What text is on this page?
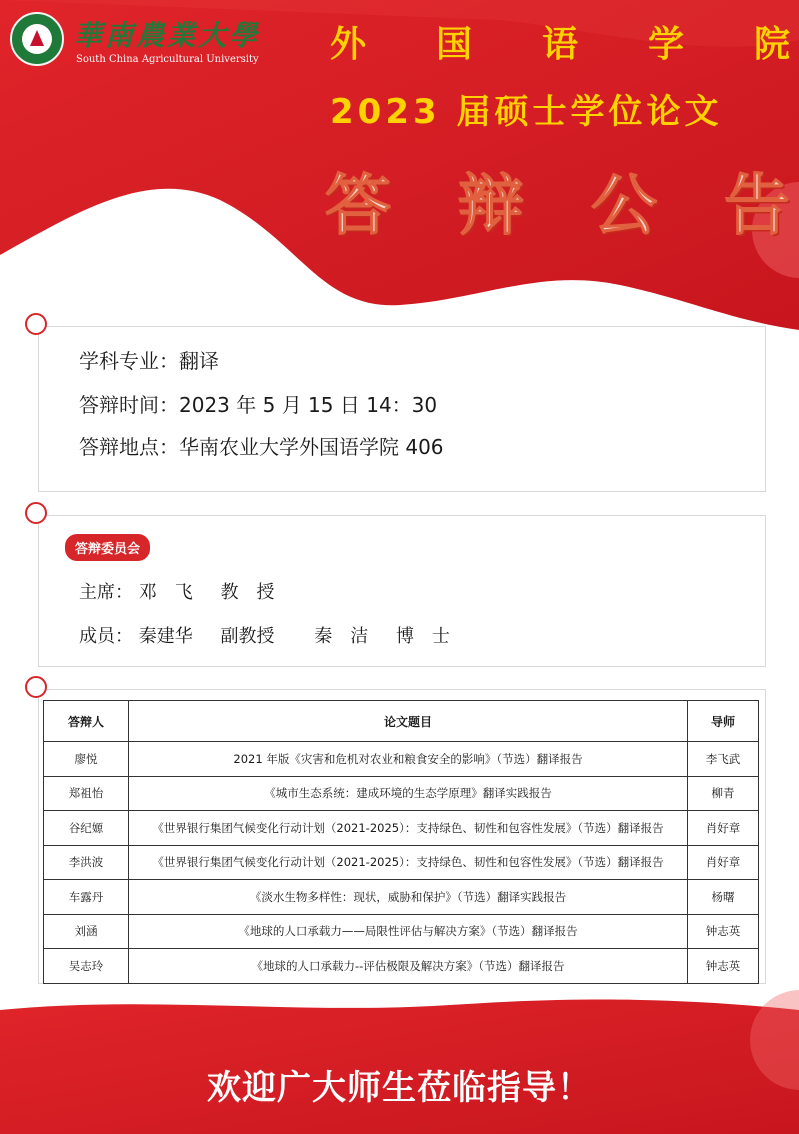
華南農業大學
South China Agricultural University 外 国 语 学 院
2023 届硕士学位论文
答 辩 公 告
学科专业：翻译
答辩时间：2023 年 5 月 15 日 14：30
答辩地点：华南农业大学外国语学院 406
答辩委员会
主席： 邓　飞 教　授
成员： 秦建华 副教授 秦　洁 博　士
答辩人	论文题目	导师
廖悦	2021 年版《灾害和危机对农业和粮食安全的影响》（节选）翻译报告	李飞武
郑祖怡	《城市生态系统：建成环境的生态学原理》翻译实践报告	柳青
谷纪嫄	《世界银行集团气候变化行动计划（2021-2025）：支持绿色、韧性和包容性发展》（节选）翻译报告	肖好章
李洪波	《世界银行集团气候变化行动计划（2021-2025）：支持绿色、韧性和包容性发展》（节选）翻译报告	肖好章
车露丹	《淡水生物多样性：现状，威胁和保护》（节选）翻译实践报告	杨曙
刘涵	《地球的人口承载力——局限性评估与解决方案》（节选）翻译报告	钟志英
吴志玲	《地球的人口承载力--评估极限及解决方案》（节选）翻译报告	钟志英
欢迎广大师生莅临指导！
